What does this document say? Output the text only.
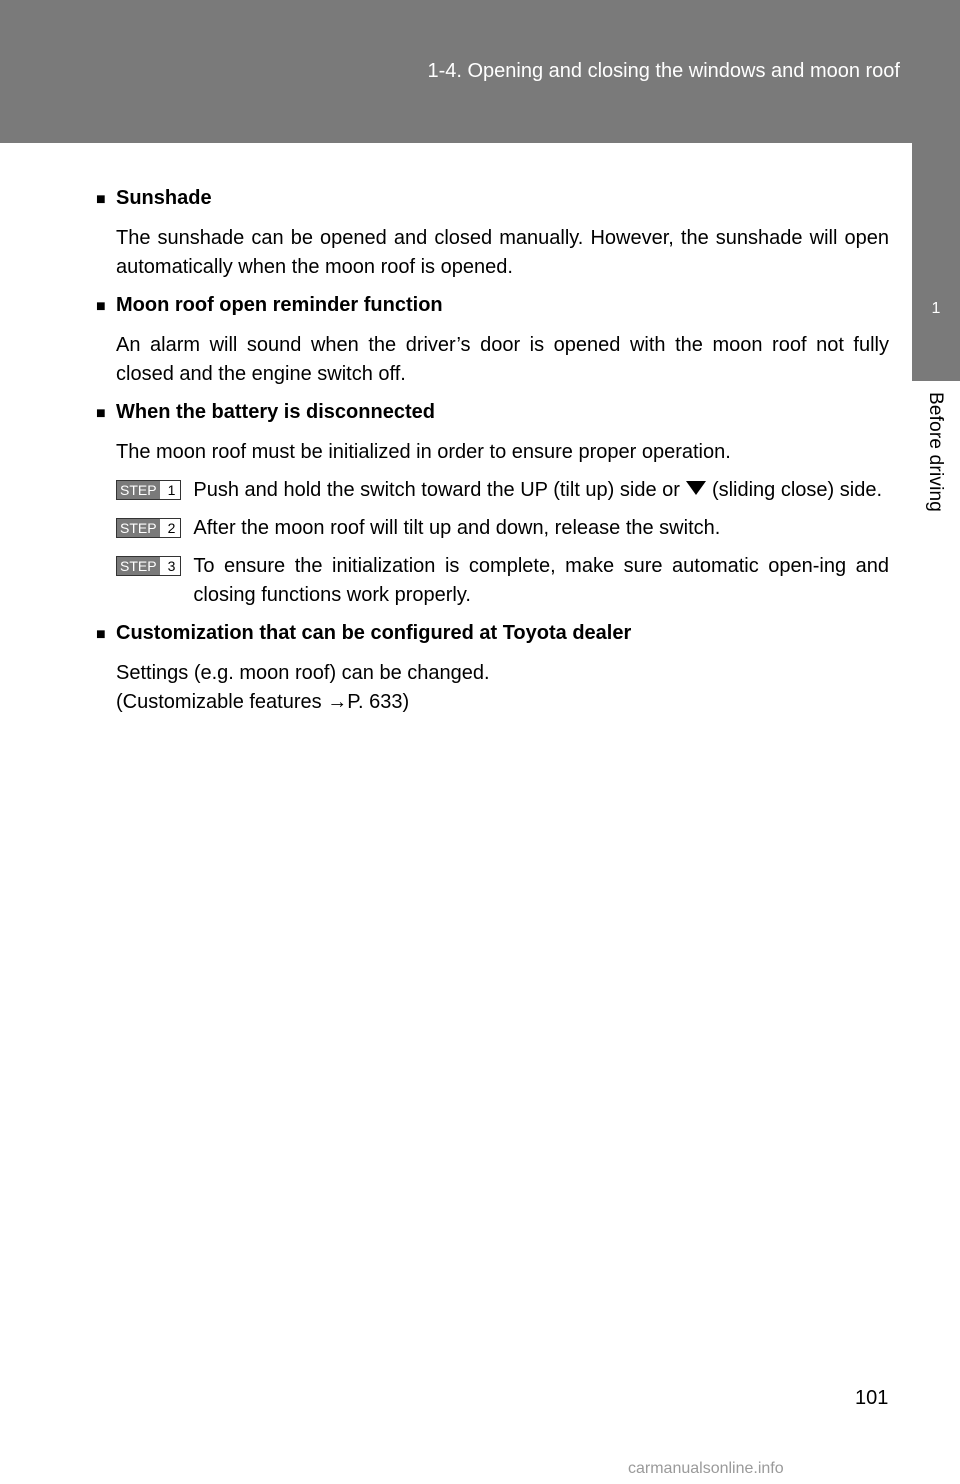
1-4. Opening and closing the windows and moon roof
1
Before driving
■ Sunshade

The sunshade can be opened and closed manually. However, the sunshade will open automatically when the moon roof is opened.

■ Moon roof open reminder function

An alarm will sound when the driver’s door is opened with the moon roof not fully closed and the engine switch off.

■ When the battery is disconnected

The moon roof must be initialized in order to ensure proper operation.

STEP 1 Push and hold the switch toward the UP (tilt up) side or (sliding close) side.
STEP 2 After the moon roof will tilt up and down, release the switch.
STEP 3 To ensure the initialization is complete, make sure automatic open-ing and closing functions work properly.
■ Customization that can be configured at Toyota dealer

Settings (e.g. moon roof) can be changed.
(Customizable features →P. 633)

101
carmanualsonline.info
